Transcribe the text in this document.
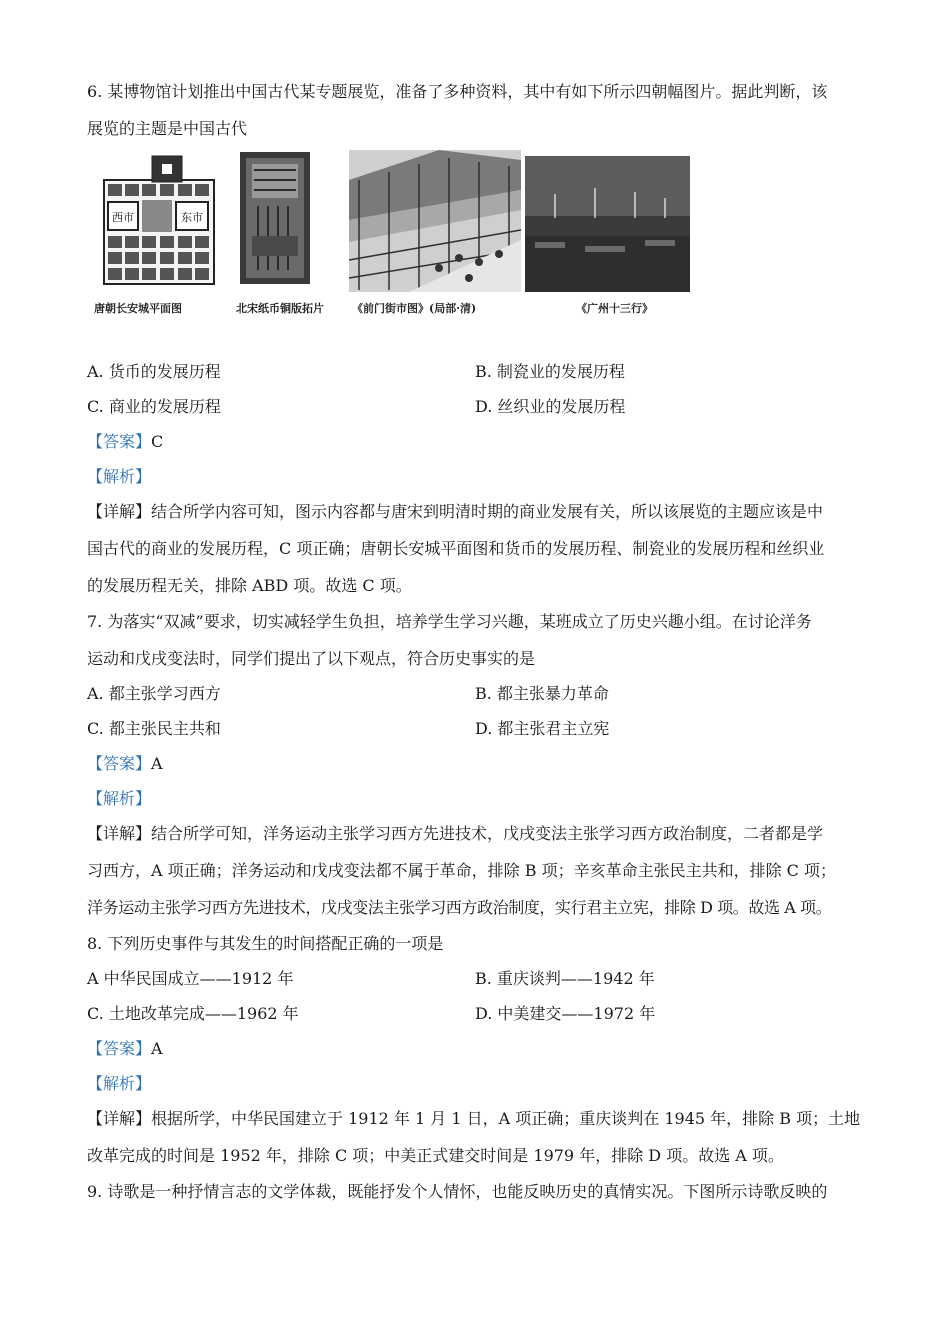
6. 某博物馆计划推出中国古代某专题展览，准备了多种资料，其中有如下所示四朝幅图片。据此判断，该
展览的主题是中国古代
西市	东市
唐朝长安城平面图	北宋纸币铜版拓片	《前门街市图》(局部·清)	《广州十三行》
A. 货币的发展历程	B. 制瓷业的发展历程
C. 商业的发展历程	D. 丝织业的发展历程
【答案】C
【解析】
【详解】结合所学内容可知，图示内容都与唐宋到明清时期的商业发展有关，所以该展览的主题应该是中
国古代的商业的发展历程，C 项正确；唐朝长安城平面图和货币的发展历程、制瓷业的发展历程和丝织业
的发展历程无关，排除 ABD 项。故选 C 项。
7. 为落实“双减”要求，切实减轻学生负担，培养学生学习兴趣，某班成立了历史兴趣小组。在讨论洋务
运动和戊戌变法时，同学们提出了以下观点，符合历史事实的是
A. 都主张学习西方	B. 都主张暴力革命
C. 都主张民主共和	D. 都主张君主立宪
【答案】A
【解析】
【详解】结合所学可知，洋务运动主张学习西方先进技术，戊戌变法主张学习西方政治制度，二者都是学
习西方，A 项正确；洋务运动和戊戌变法都不属于革命，排除 B 项；辛亥革命主张民主共和，排除 C 项；
洋务运动主张学习西方先进技术，戊戌变法主张学习西方政治制度，实行君主立宪，排除 D 项。故选 A 项。
8. 下列历史事件与其发生的时间搭配正确的一项是
A 中华民国成立——1912 年	B. 重庆谈判——1942 年
C. 土地改革完成——1962 年	D. 中美建交——1972 年
【答案】A
【解析】
【详解】根据所学，中华民国建立于 1912 年 1 月 1 日，A 项正确；重庆谈判在 1945 年，排除 B 项；土地
改革完成的时间是 1952 年，排除 C 项；中美正式建交时间是 1979 年，排除 D 项。故选 A 项。
9. 诗歌是一种抒情言志的文学体裁，既能抒发个人情怀，也能反映历史的真情实况。下图所示诗歌反映的
